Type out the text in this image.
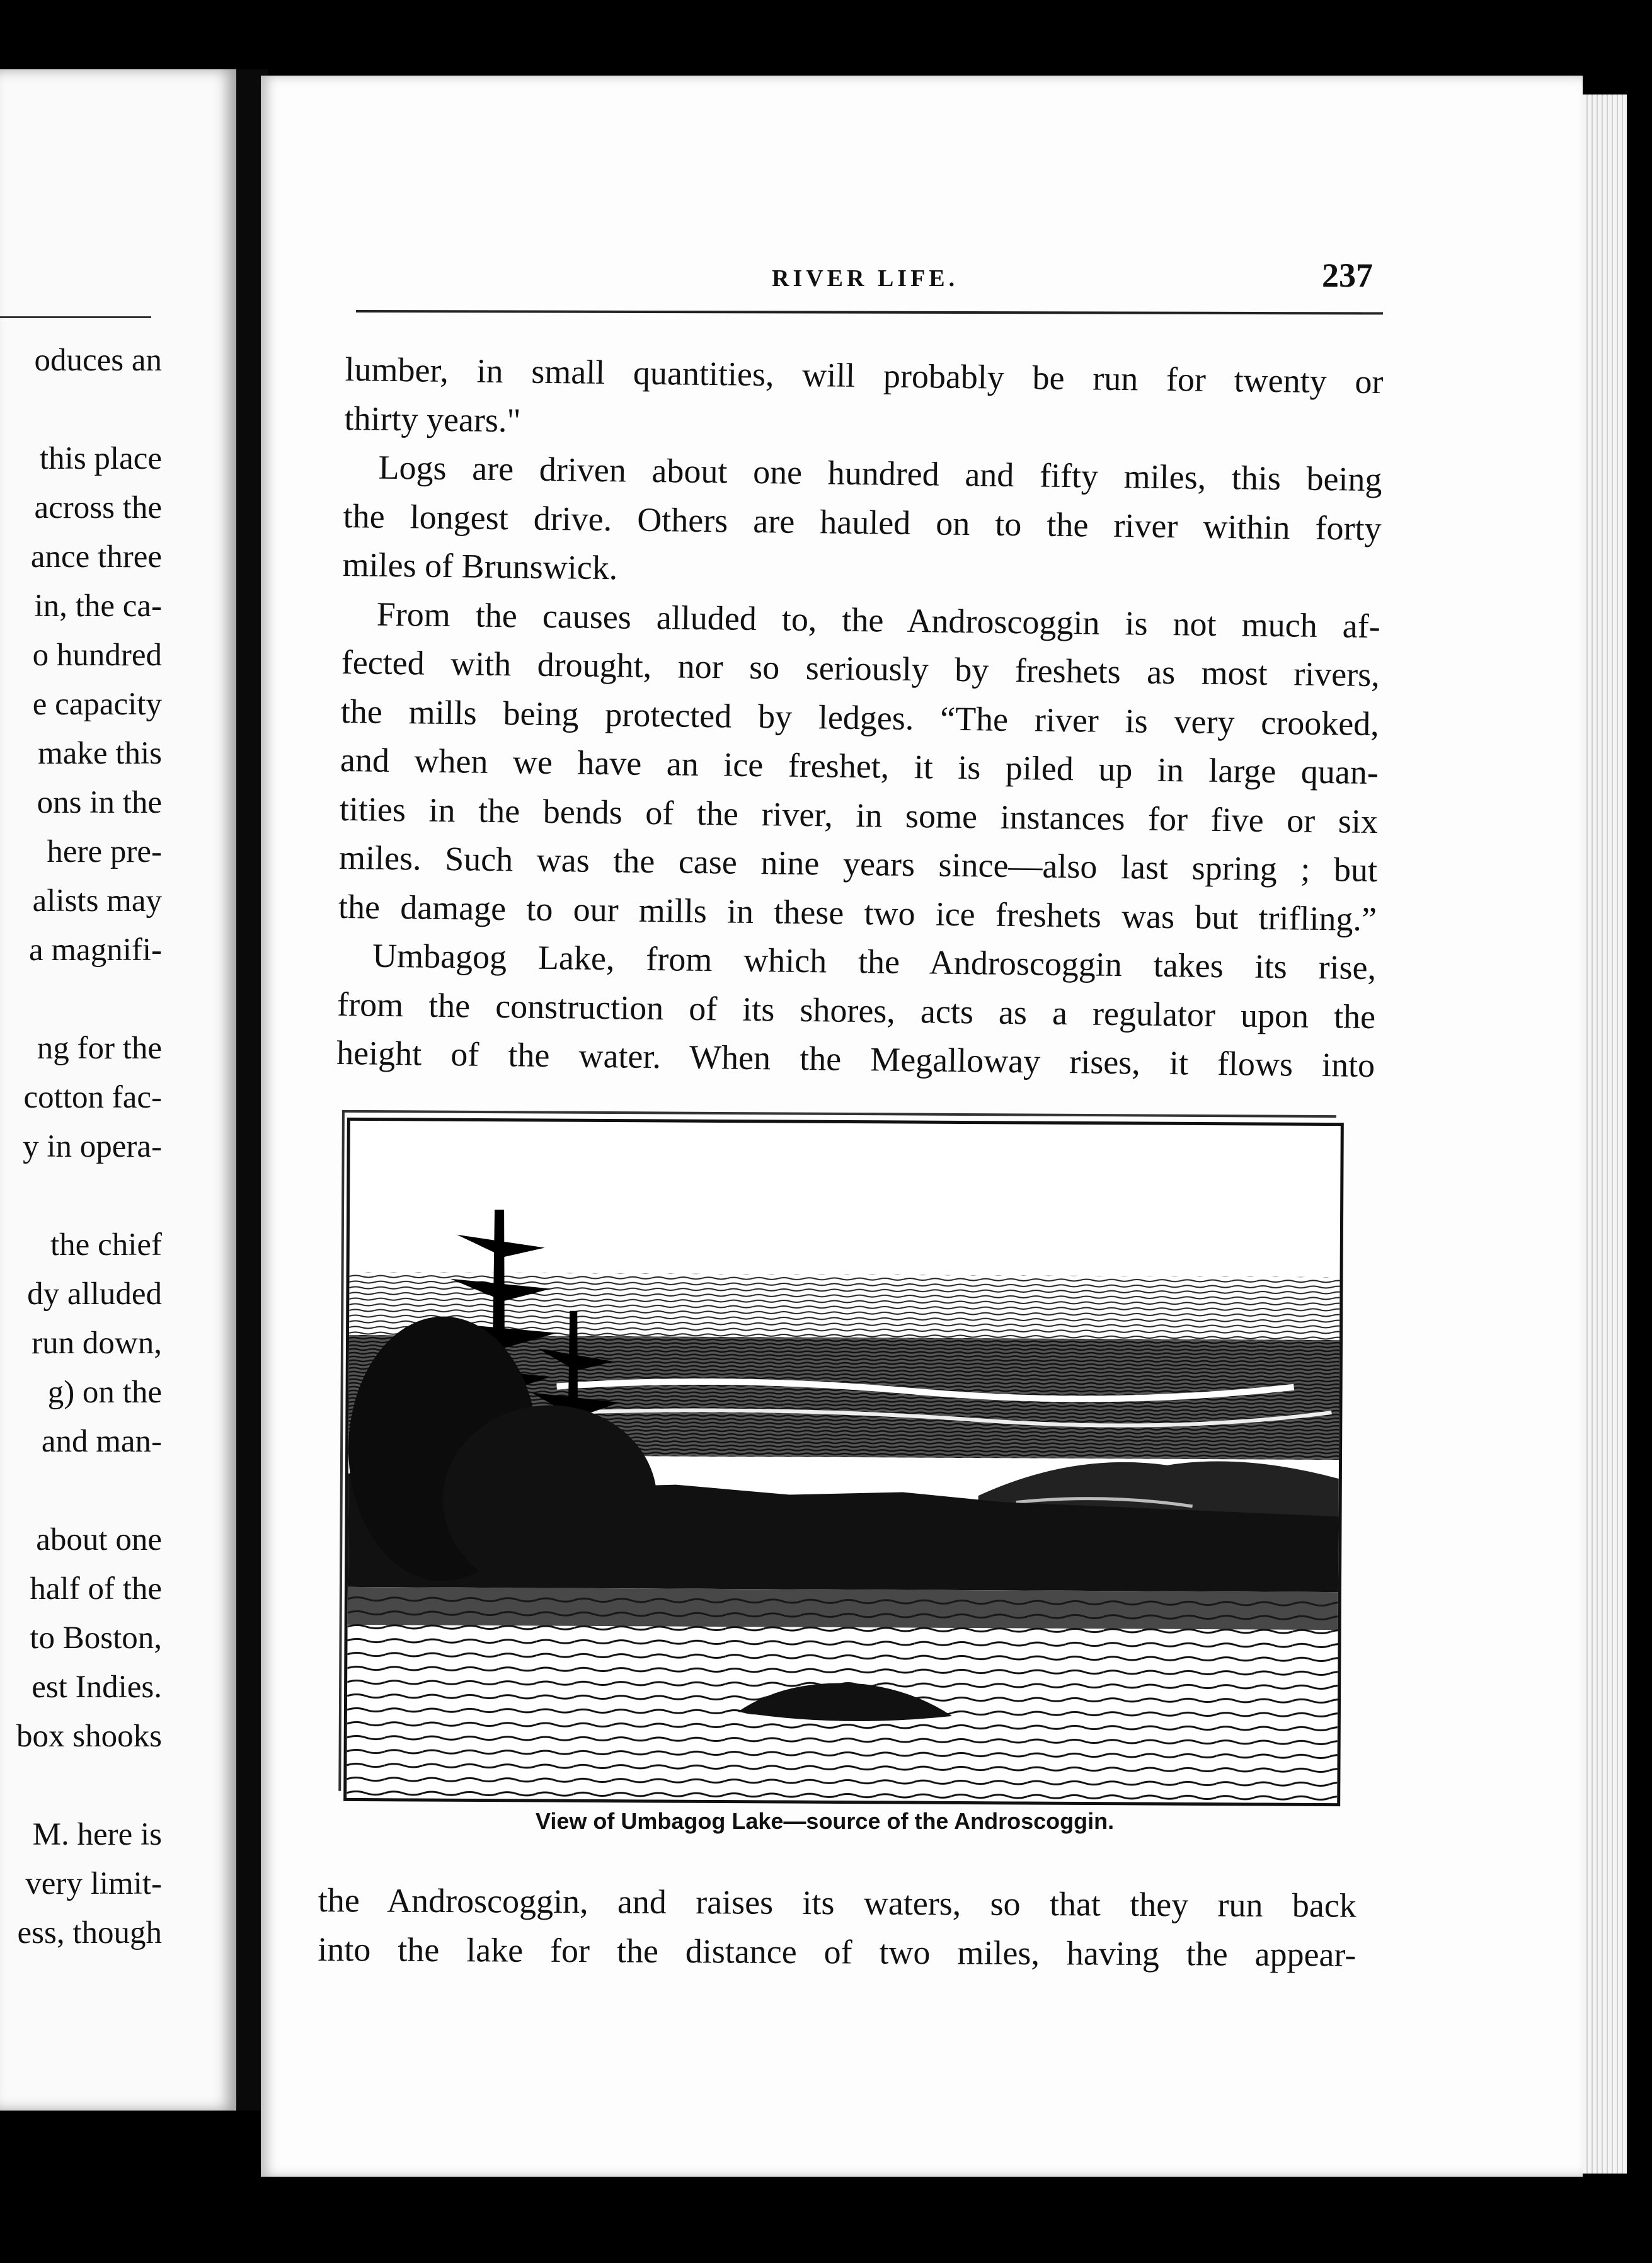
oduces an
this place
across the
ance three
in, the ca-
o hundred
e capacity
make this
ons in the
here pre-
alists may
a magnifi-
ng for the
cotton fac-
y in opera-
the chief
dy alluded
run down,
g) on the
and man-
about one
half of the
to Boston,
est Indies.
box shooks
M. here is
very limit-
ess, though
RIVER LIFE.	237
lumber, in small quantities, will probably be run for twenty or
thirty years."
Logs are driven about one hundred and fifty miles, this being
the longest drive. Others are hauled on to the river within forty
miles of Brunswick.
From the causes alluded to, the Androscoggin is not much af-
fected with drought, nor so seriously by freshets as most rivers,
the mills being protected by ledges. “The river is very crooked,
and when we have an ice freshet, it is piled up in large quan-
tities in the bends of the river, in some instances for five or six
miles. Such was the case nine years since—also last spring ; but
the damage to our mills in these two ice freshets was but trifling.”
Umbagog Lake, from which the Androscoggin takes its rise,
from the construction of its shores, acts as a regulator upon the
height of the water. When the Megalloway rises, it flows into
View of Umbagog Lake—source of the Androscoggin.
the Androscoggin, and raises its waters, so that they run back
into the lake for the distance of two miles, having the appear-
